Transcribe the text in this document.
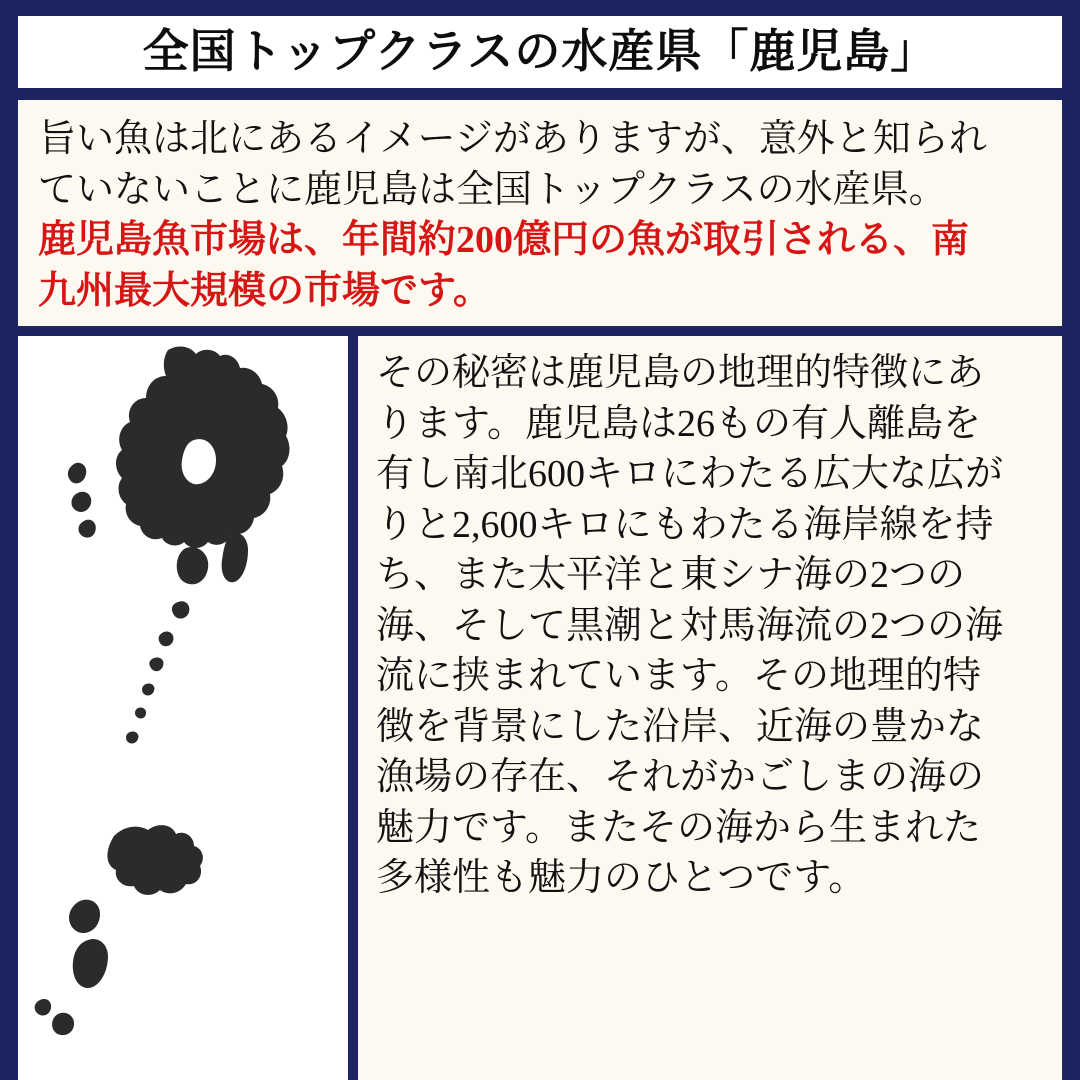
全国トップクラスの水産県「鹿児島」
旨い魚は北にあるイメージがありますが、意外と知られ
ていないことに鹿児島は全国トップクラスの水産県。
鹿児島魚市場は、年間約200億円の魚が取引される、南
九州最大規模の市場です。
その秘密は鹿児島の地理的特徴にあ
ります。鹿児島は26もの有人離島を
有し南北600キロにわたる広大な広が
りと2,600キロにもわたる海岸線を持
ち、また太平洋と東シナ海の2つの
海、そして黒潮と対馬海流の2つの海
流に挟まれています。その地理的特
徴を背景にした沿岸、近海の豊かな
漁場の存在、それがかごしまの海の
魅力です。またその海から生まれた
多様性も魅力のひとつです。
